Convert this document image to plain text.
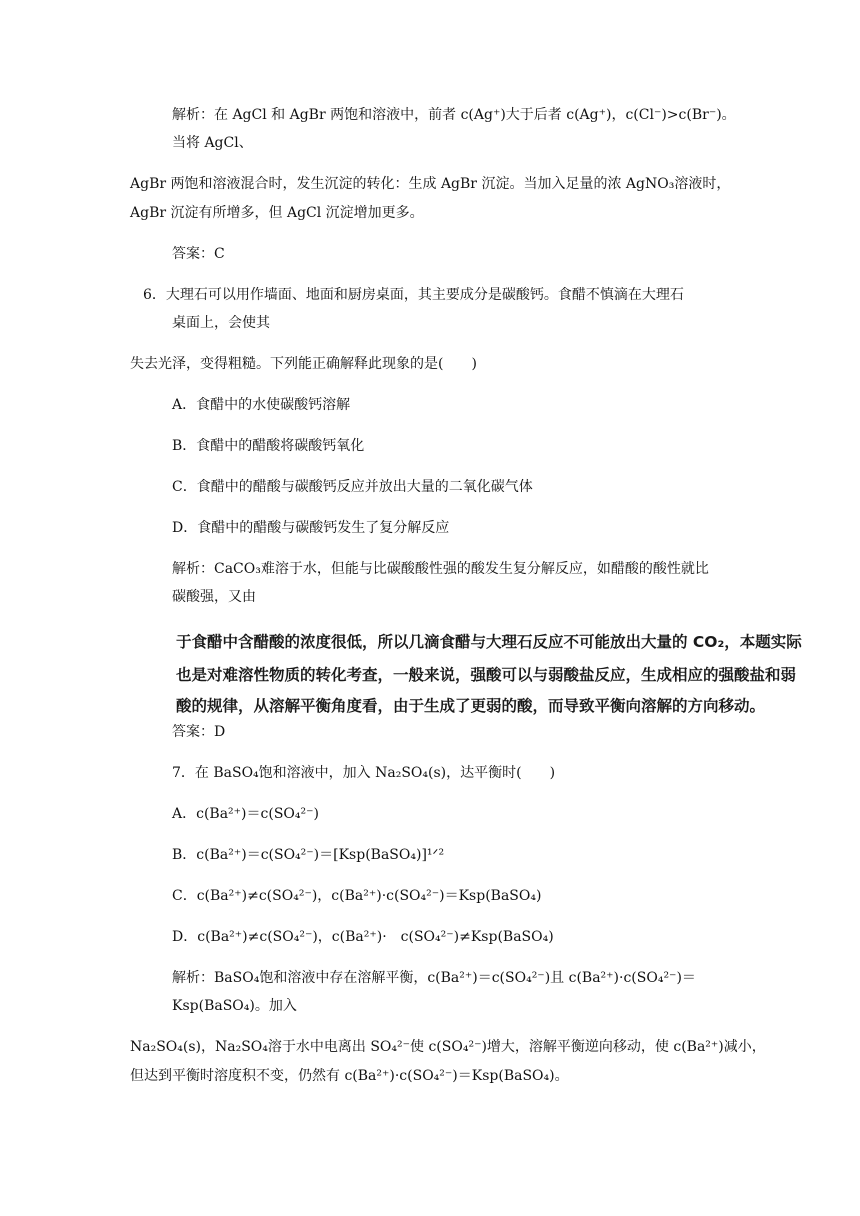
解析：在 AgCl 和 AgBr 两饱和溶液中，前者 c(Ag⁺)大于后者 c(Ag⁺)，c(Cl⁻)>c(Br⁻)。
当将 AgCl、
AgBr 两饱和溶液混合时，发生沉淀的转化：生成 AgBr 沉淀。当加入足量的浓 AgNO₃溶液时，
AgBr 沉淀有所增多，但 AgCl 沉淀增加更多。
答案：C
6．大理石可以用作墙面、地面和厨房桌面，其主要成分是碳酸钙。食醋不慎滴在大理石
桌面上，会使其
失去光泽，变得粗糙。下列能正确解释此现象的是(　　)
A．食醋中的水使碳酸钙溶解
B．食醋中的醋酸将碳酸钙氧化
C．食醋中的醋酸与碳酸钙反应并放出大量的二氧化碳气体
D．食醋中的醋酸与碳酸钙发生了复分解反应
解析：CaCO₃难溶于水，但能与比碳酸酸性强的酸发生复分解反应，如醋酸的酸性就比
碳酸强，又由
于食醋中含醋酸的浓度很低，所以几滴食醋与大理石反应不可能放出大量的 CO₂，本题实际
也是对难溶性物质的转化考查，一般来说，强酸可以与弱酸盐反应，生成相应的强酸盐和弱
酸的规律，从溶解平衡角度看，由于生成了更弱的酸，而导致平衡向溶解的方向移动。
答案：D
7．在 BaSO₄饱和溶液中，加入 Na₂SO₄(s)，达平衡时(　　)
A．c(Ba²⁺)＝c(SO₄²⁻)
B．c(Ba²⁺)＝c(SO₄²⁻)＝[Ksp(BaSO₄)]¹ᐟ²
C．c(Ba²⁺)≠c(SO₄²⁻)，c(Ba²⁺)·c(SO₄²⁻)＝Ksp(BaSO₄)
D．c(Ba²⁺)≠c(SO₄²⁻)，c(Ba²⁺)·　c(SO₄²⁻)≠Ksp(BaSO₄)
解析：BaSO₄饱和溶液中存在溶解平衡，c(Ba²⁺)＝c(SO₄²⁻)且 c(Ba²⁺)·c(SO₄²⁻)＝
Ksp(BaSO₄)。加入
Na₂SO₄(s)，Na₂SO₄溶于水中电离出 SO₄²⁻使 c(SO₄²⁻)增大，溶解平衡逆向移动，使 c(Ba²⁺)减小，
但达到平衡时溶度积不变，仍然有 c(Ba²⁺)·c(SO₄²⁻)＝Ksp(BaSO₄)。
